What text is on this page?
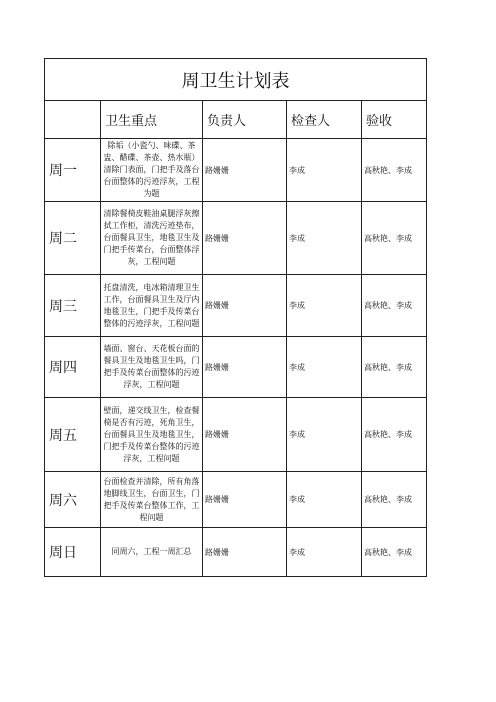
周卫生计划表				
	卫生重点	负责人	检查人	验收
周一	除垢（小瓷勺、味碟、茶盅、醋碟、茶壶、热水瓶）清除门表面，门把手及落台台面整体的污迹浮灰，工程为题	路姗姗	李成	高秋艳、李成
周二	清除餐椅皮鞋油桌腿浮灰擦拭工作柜，清洗污迹垫布，台面餐具卫生，地毯卫生及门把手传菜台，台面整体浮灰，工程问题	路姗姗	李成	高秋艳、李成
周三	托盘清洗，电冰箱清理卫生工作，台面餐具卫生及厅内地毯卫生，门把手及传菜台整体的污迹浮灰，工程问题	路姗姗	李成	高秋艳、李成
周四	墙面、窗台、天花板台面的餐具卫生及地毯卫生吗，门把手及传菜台面整体的污迹浮灰，工程问题	路姗姗	李成	高秋艳、李成
周五	壁面，递交线卫生，检查餐椅是否有污迹，死角卫生，台面餐具卫生及地毯卫生，门把手及传菜台整体的污迹浮灰，工程问题	路姗姗	李成	高秋艳、李成
周六	台面检查并清除，所有角落地脚线卫生，台面卫生，门把手及传菜台整体工作，工程问题	路姗姗	李成	高秋艳、李成
周日	同周六，工程一周汇总	路姗姗	李成	高秋艳、李成
